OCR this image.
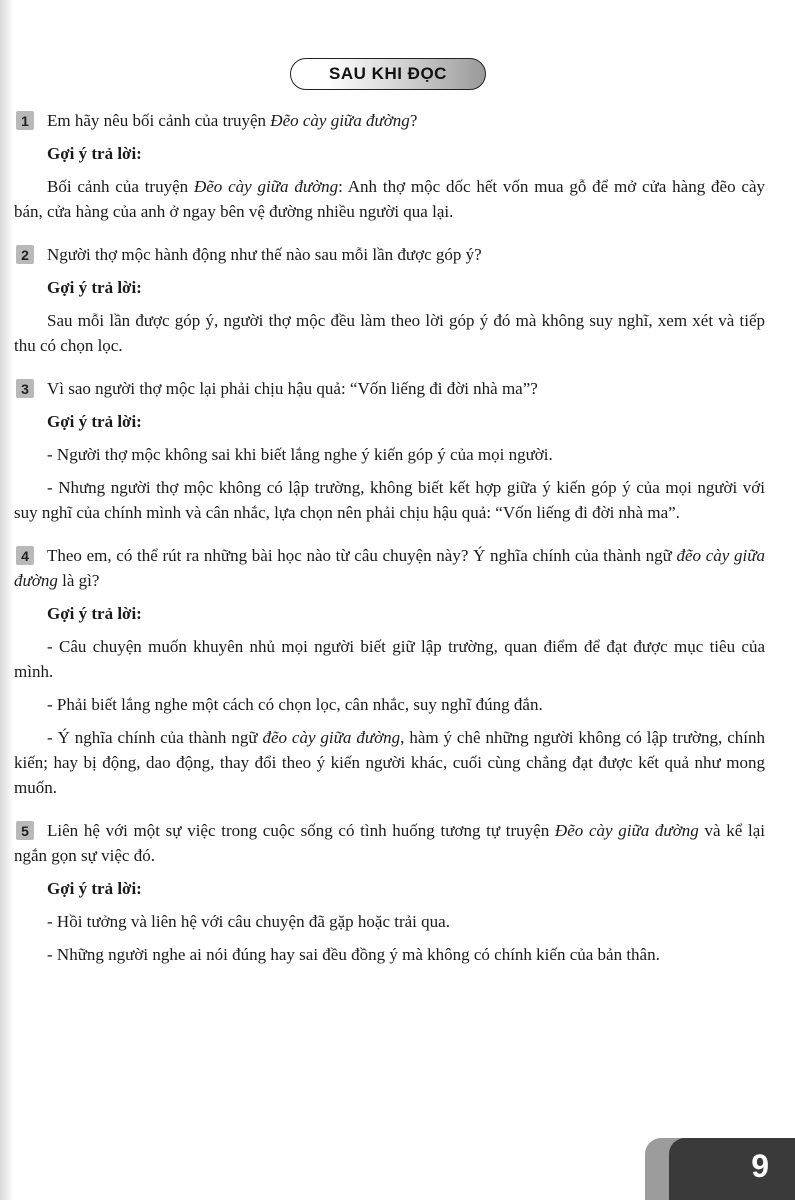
SAU KHI ĐỌC
1	Em hãy nêu bối cảnh của truyện Đẽo cày giữa đường?
Gợi ý trả lời:
Bối cảnh của truyện Đẽo cày giữa đường: Anh thợ mộc dốc hết vốn mua gỗ để mở cửa hàng đẽo cày bán, cửa hàng của anh ở ngay bên vệ đường nhiều người qua lại.
2	Người thợ mộc hành động như thế nào sau mỗi lần được góp ý?
Gợi ý trả lời:
Sau mỗi lần được góp ý, người thợ mộc đều làm theo lời góp ý đó mà không suy nghĩ, xem xét và tiếp thu có chọn lọc.
3	Vì sao người thợ mộc lại phải chịu hậu quả: “Vốn liếng đi đời nhà ma”?
Gợi ý trả lời:
- Người thợ mộc không sai khi biết lắng nghe ý kiến góp ý của mọi người.
- Nhưng người thợ mộc không có lập trường, không biết kết hợp giữa ý kiến góp ý của mọi người với suy nghĩ của chính mình và cân nhắc, lựa chọn nên phải chịu hậu quả: “Vốn liếng đi đời nhà ma”.
4	Theo em, có thể rút ra những bài học nào từ câu chuyện này? Ý nghĩa chính của thành ngữ đẽo cày giữa đường là gì?
Gợi ý trả lời:
- Câu chuyện muốn khuyên nhủ mọi người biết giữ lập trường, quan điểm để đạt được mục tiêu của mình.
- Phải biết lắng nghe một cách có chọn lọc, cân nhắc, suy nghĩ đúng đắn.
- Ý nghĩa chính của thành ngữ đẽo cày giữa đường, hàm ý chê những người không có lập trường, chính kiến; hay bị động, dao động, thay đổi theo ý kiến người khác, cuối cùng chẳng đạt được kết quả như mong muốn.
5	Liên hệ với một sự việc trong cuộc sống có tình huống tương tự truyện Đẽo cày giữa đường và kể lại ngắn gọn sự việc đó.
Gợi ý trả lời:
- Hồi tưởng và liên hệ với câu chuyện đã gặp hoặc trải qua.
- Những người nghe ai nói đúng hay sai đều đồng ý mà không có chính kiến của bản thân.
9
